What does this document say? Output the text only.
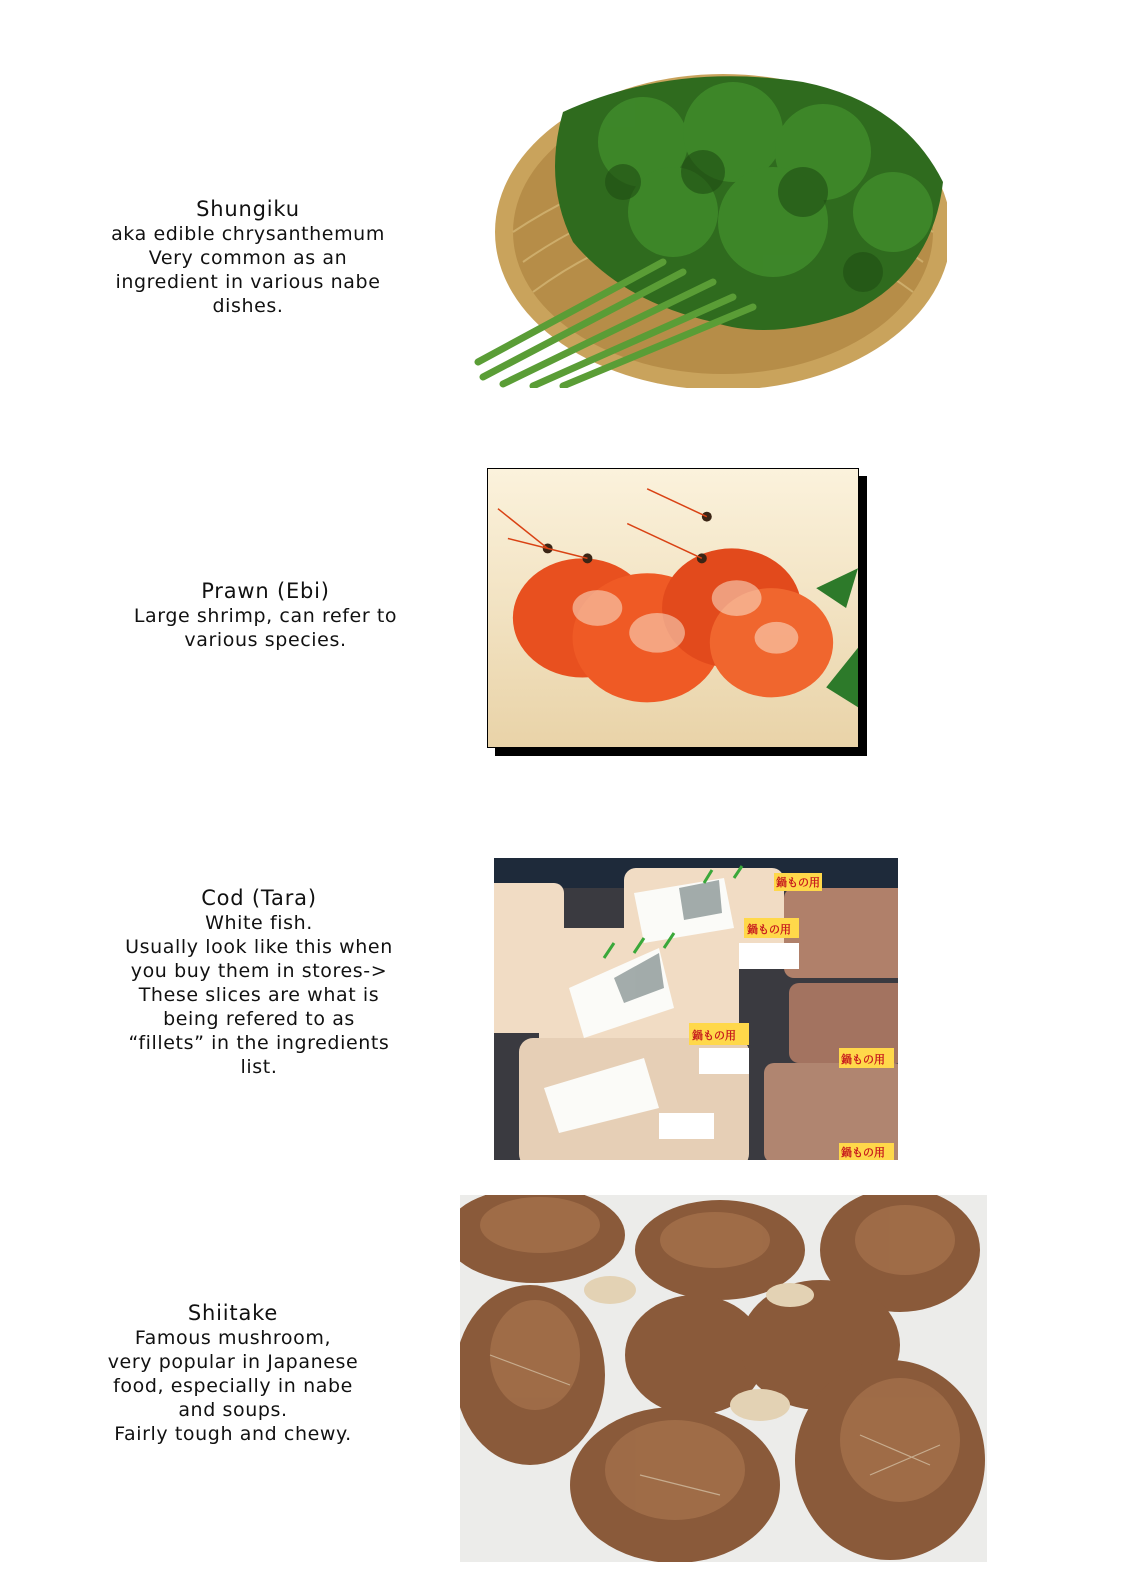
Shungiku
aka edible chrysanthemum
Very common as an
ingredient in various nabe
dishes.
Prawn (Ebi)
Large shrimp, can refer to
various species.
Cod (Tara)
White fish.
Usually look like this when
you buy them in stores->
These slices are what is
being refered to as
“fillets” in the ingredients
list.
Shiitake
Famous mushroom,
very popular in Japanese
food, especially in nabe
and soups.
Fairly tough and chewy.
鍋もの用
鍋もの用
鍋もの用
鍋もの用
鍋もの用
